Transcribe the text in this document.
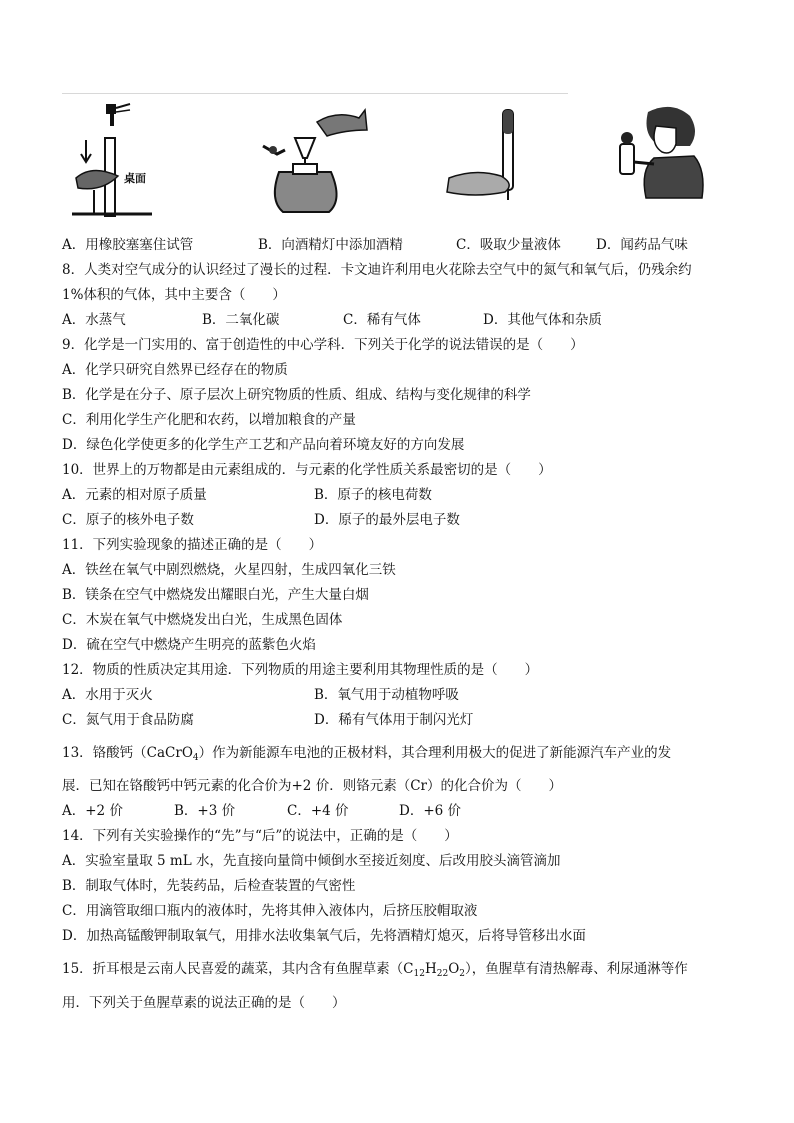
桌面
A．用橡胶塞塞住试管	B．向酒精灯中添加酒精	C．吸取少量液体	D．闻药品气味
8．人类对空气成分的认识经过了漫长的过程．卡文迪许利用电火花除去空气中的氮气和氧气后，仍残余约
1%体积的气体，其中主要含（　　）
A．水蒸气	B．二氧化碳	C．稀有气体	D．其他气体和杂质
9．化学是一门实用的、富于创造性的中心学科．下列关于化学的说法错误的是（　　）
A．化学只研究自然界已经存在的物质
B．化学是在分子、原子层次上研究物质的性质、组成、结构与变化规律的科学
C．利用化学生产化肥和农药，以增加粮食的产量
D．绿色化学使更多的化学生产工艺和产品向着环境友好的方向发展
10．世界上的万物都是由元素组成的．与元素的化学性质关系最密切的是（　　）
A．元素的相对原子质量	B．原子的核电荷数
C．原子的核外电子数	D．原子的最外层电子数
11．下列实验现象的描述正确的是（　　）
A．铁丝在氧气中剧烈燃烧，火星四射，生成四氧化三铁
B．镁条在空气中燃烧发出耀眼白光，产生大量白烟
C．木炭在氧气中燃烧发出白光，生成黑色固体
D．硫在空气中燃烧产生明亮的蓝紫色火焰
12．物质的性质决定其用途．下列物质的用途主要利用其物理性质的是（　　）
A．水用于灭火	B．氧气用于动植物呼吸
C．氮气用于食品防腐	D．稀有气体用于制闪光灯
13．铬酸钙（CaCrO$_4$）作为新能源车电池的正极材料，其合理利用极大的促进了新能源汽车产业的发
展．已知在铬酸钙中钙元素的化合价为+2 价．则铬元素（Cr）的化合价为（　　）
A．+2 价	B．+3 价	C．+4 价	D．+6 价
14．下列有关实验操作的“先”与“后”的说法中，正确的是（　　）
A．实验室量取 5 mL 水，先直接向量筒中倾倒水至接近刻度、后改用胶头滴管滴加
B．制取气体时，先装药品，后检查装置的气密性
C．用滴管取细口瓶内的液体时，先将其伸入液体内，后挤压胶帽取液
D．加热高锰酸钾制取氧气，用排水法收集氧气后，先将酒精灯熄灭，后将导管移出水面
15．折耳根是云南人民喜爱的蔬菜，其内含有鱼腥草素$(C_{12}H_{22}O_2)$，鱼腥草有清热解毒、利尿通淋等作
用．下列关于鱼腥草素的说法正确的是（　　）
